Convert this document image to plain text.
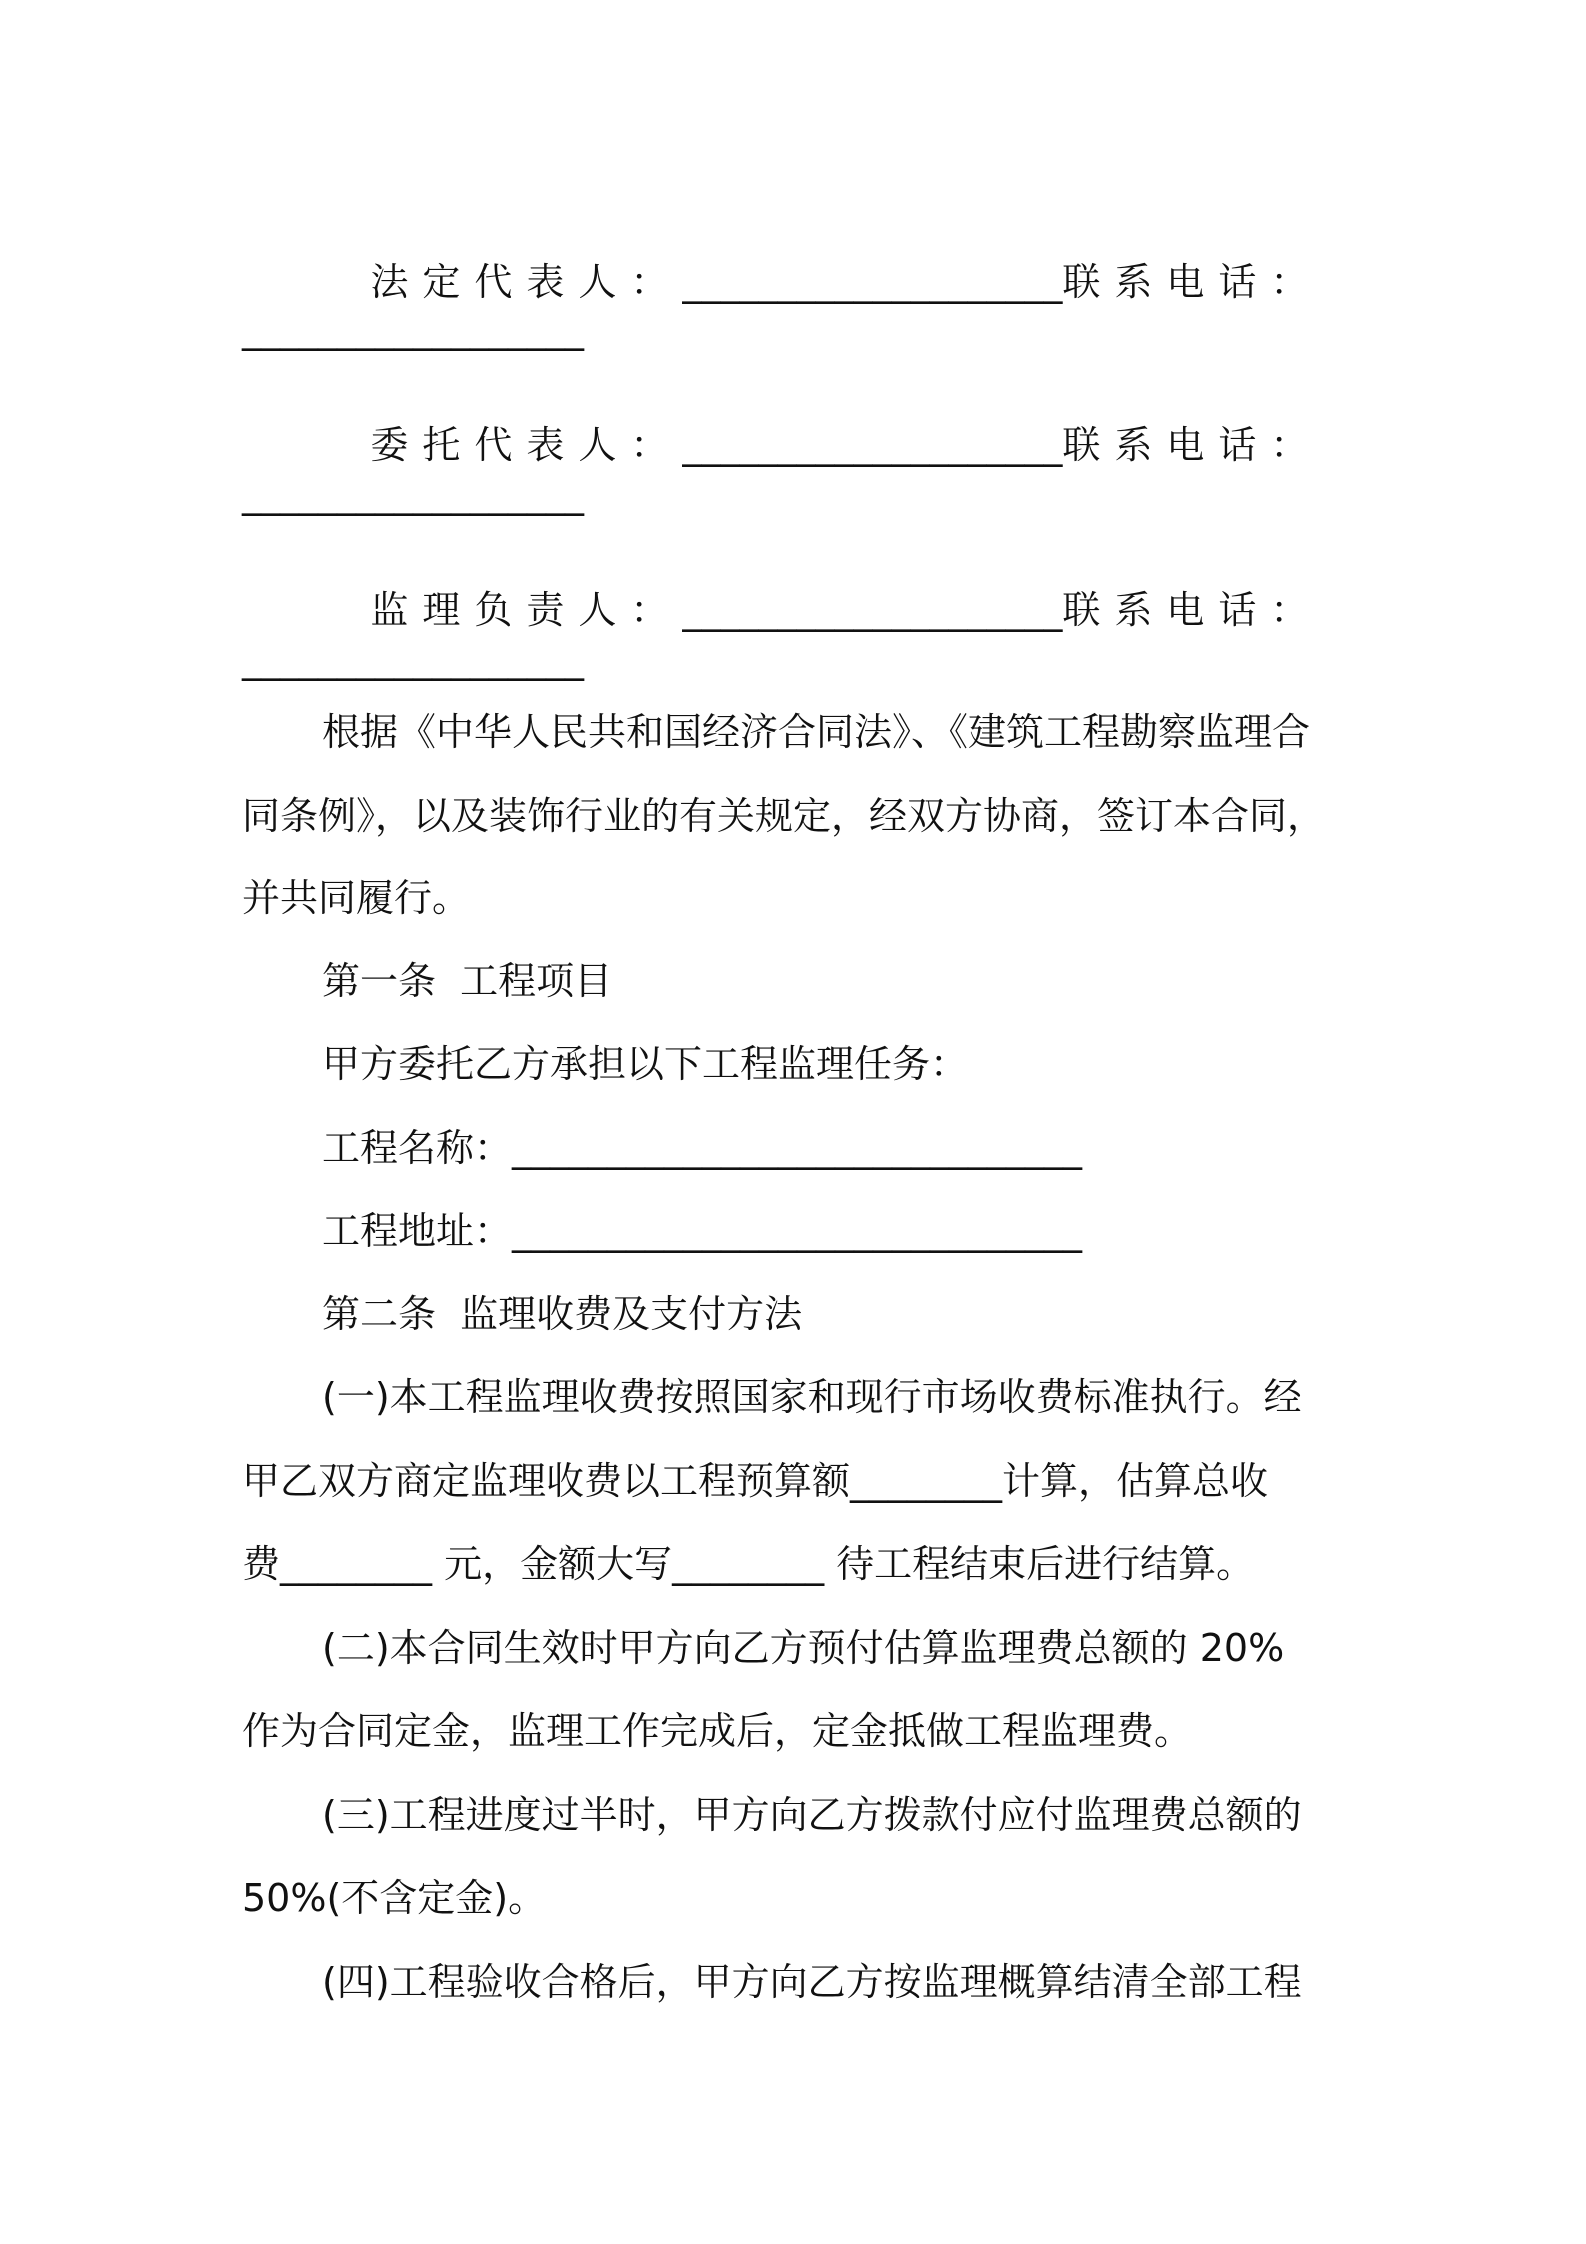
法定代表人：____________________联系电话：

__________________

委托代表人：____________________联系电话：

__________________

监理负责人：____________________联系电话：

__________________
根据《中华人民共和国经济合同法》、《建筑工程勘察监理合
同条例》，以及装饰行业的有关规定，经双方协商，签订本合同，
并共同履行。
第一条  工程项目
甲方委托乙方承担以下工程监理任务：
工程名称：______________________________
工程地址：______________________________
第二条  监理收费及支付方法
(一)本工程监理收费按照国家和现行市场收费标准执行。经
甲乙双方商定监理收费以工程预算额________计算，估算总收
费________ 元，金额大写________ 待工程结束后进行结算。
(二)本合同生效时甲方向乙方预付估算监理费总额的 20%
作为合同定金，监理工作完成后，定金抵做工程监理费。
(三)工程进度过半时，甲方向乙方拨款付应付监理费总额的
50%(不含定金)。
(四)工程验收合格后，甲方向乙方按监理概算结清全部工程
